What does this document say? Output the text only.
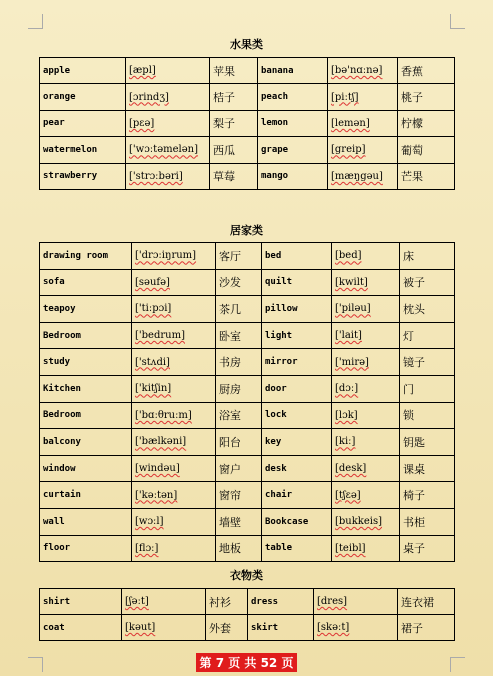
水果类
apple	[æpl]	苹果	banana	[bə'nɑːnə]	香蕉
orange	[ɔrindʒ]	桔子	peach	[piːtʃ]	桃子
pear	[pɛə]	梨子	lemon	[lemən]	柠檬
watermelon	['wɔːtəmelən]	西瓜	grape	[greip]	葡萄
strawberry	['strɔːbəri]	草莓	mango	[mæŋgəu]	芒果
居家类
drawing room	['drɔːiŋrum]	客厅	bed	[bed]	床
sofa	[səufə]	沙发	quilt	[kwilt]	被子
teapoy	['tiːpɔi]	茶几	pillow	['piləu]	枕头
Bedroom	['bedrum]	卧室	light	['lait]	灯
study	['stʌdi]	书房	mirror	['mirə]	镜子
Kitchen	['kitʃin]	厨房	door	[dɔː]	门
Bedroom	['bɑːθruːm]	浴室	lock	[lɔk]	锁
balcony	['bælkəni]	阳台	key	[kiː]	钥匙
window	[windəu]	窗户	desk	[desk]	课桌
curtain	['kəːtən]	窗帘	chair	[tʃɛə]	椅子
wall	[wɔːl]	墙壁	Bookcase	[bukkeis]	书柜
floor	[flɔː]	地板	table	[teibl]	桌子
衣物类
shirt	[ʃəːt]	衬衫	dress	[dres]	连衣裙
coat	[kəut]	外套	skirt	[skəːt]	裙子
第 7 页 共 52 页
